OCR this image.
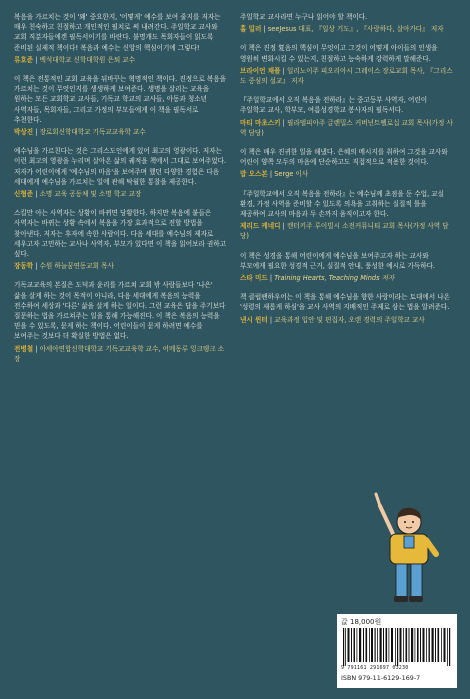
복음을 가르치는 것이 '왜' 중요한지, '어떻게' 예수를 보여 줄지를 저자는 매우 친숙하고 친절하고 개인적인 필치로 써 내려간다. 주일학교 교사와 교회 직분자들에겐 필독서이기를 바란다. 불명개도 목회자들이 읽도록 준비된 실제적 책이다! 복음과 예수는 신앙의 핵심이기에 그렇다!

류호준 | 백석대학교 신학대학원 은퇴 교수

이 책은 전통적인 교회 교육을 뒤바꾸는 혁명적인 책이다. 진정으로 복음을 가르치는 것이 무엇인지를 생생하게 보여준다. 생명을 살리는 교육을 원하는 모든 교회학교 교사들, 기독교 학교의 교사들, 아동과 청소년 사역자들, 목회자들, 그리고 가정의 부모들에게 이 책을 필독서로 추천한다.

박상진 | 장로회신학대학교 기독교교육학 교수

예수님을 가르친다는 것은 그리스도인에게 있어 최고의 영광이다. 저자는 이런 최고의 영광을 누리며 살아온 삶의 궤적을 책에서 그대로 보여주었다. 저자가 어린이에게 '예수님의 마음'을 보여주며 했던 다양한 경험은 다음 세대에게 예수님을 가르치는 일에 관해 탁월한 통찰을 제공한다.

신형준 | 소명 교육 공동체 및 소명 학교 교장

스킬만 아는 사역자는 상황이 바뀌면 당황한다. 하지만 복음에 붙들은 사역자는 바뀌는 상황 속에서 복음을 가장 효과적으로 전할 방법을 찾아낸다. 저자는 후자에 속한 사람이다. 다음 세대를 예수님의 제자로 세우고자 고민하는 교사나 사역자, 부모가 있다면 이 책을 읽어보라 권하고 싶다.

장동학 | 수원 하늘꿈연동교회 목사

기독교교육의 본질은 도덕과 윤리를 가르쳐 교회 밖 사람들보다 '나은' 삶을 살게 하는 것이 목적이 아니라, 다음 세대에게 복음의 능력을 전수하여 세상과 '다른' 삶을 살게 하는 일이다. 그런 교육은 답을 주기보다 질문하는 법을 가르쳐주는 일을 통해 가능해진다. 이 책은 복음의 능력을 믿을 수 있도록, 묻게 하는 책이다. 어린이들이 묻게 하려면 예수를 보여주는 것보다 더 확실한 방법은 없다.

전병철 | 아세아연합신학대학교 기독교교육학 교수, 어메동루 잉크탱크 소장

주일학교 교사라면 누구나 읽어야 할 책이다.

홀 밀러 | seeJesus 대표, 『일상 기도』, 『사랑하다, 살아가다』 저자

이 책은 진정 复음의 핵심이 무엇이고 그것이 어떻게 아이들의 인생을 영원히 변화시킬 수 있는지, 친절하고 능숙하게 강력하게 말해준다.

브라이언 채플 | 일리노이주 피오리아시 그레이스 장로교회 목사, 『그리스도 중심의 설교』 저자

『주일학교에서 오직 복음을 전하라』는 중고등부 사역자, 어린이 주일학교 교사, 학부모, 여름성경학교 봉사자의 필독서다.

마티 마초스키 | 필라델피아주 글렌밀스 커버넌트펠로십 교회 목사(가정 사역 담당)

이 책은 매우 진귀한 일을 해냈다. 은혜의 메시지를 취하여 그것을 교사와 어린이 양쪽 모두의 마음에 단순하고도 직접적으로 적용한 것이다.

밥 오스본 | Serge 이사

『주일학교에서 오직 복음을 전하라』는 예수님께 초점을 둔 수업, 교실 환경, 가정 사역을 준비할 수 있도록 의욕을 고취하는 실질적 틀을 제공하여 교사의 마음과 두 손까지 움직이고자 한다.

제리드 케네디 | 캔터키주 루이빌시 소전커뮤니티 교회 목사(가정 사역 담당)

이 책은 성경을 통해 어린이에게 예수님을 보여주고자 하는 교사와 부모에게 필요한 성경적 근거, 실질적 안내, 풍성한 예시로 가득하다.

스타 미드 | Training Hearts, Teaching Minds 저자

책 클럽팬하우어는 이 책을 통해 예수님을 향한 사랑이라는 토대에서 나온 '성령의 새롭게 하심'을 교사 사역의 지배적인 주제로 삼는 법을 알려준다.

낸시 윈터 | 교육과정 입안 및 편집자, 오랜 경력의 주일학교 교사

값 18,000원
9 791161 291697 03230
ISBN 979-11-6129-169-7
